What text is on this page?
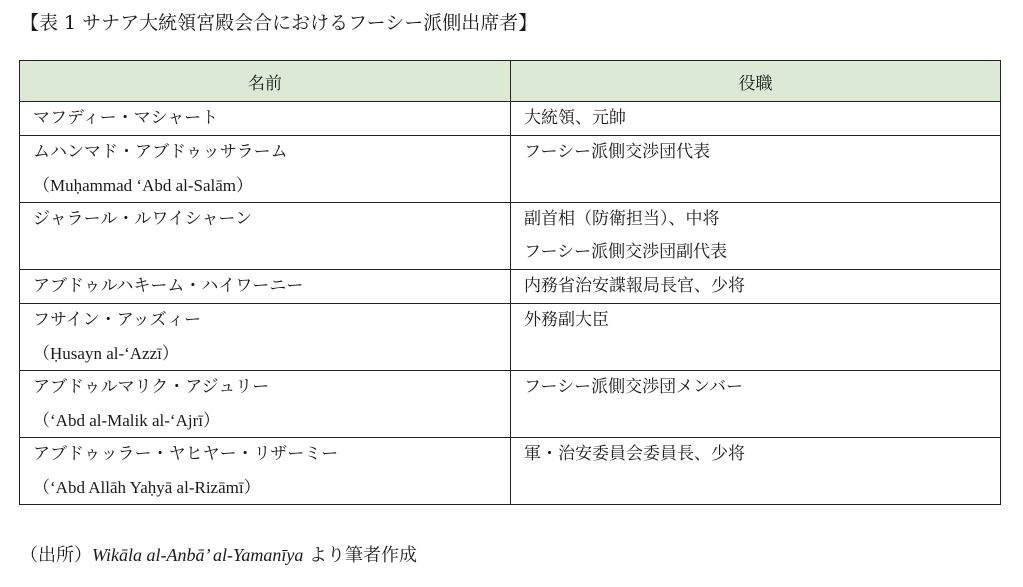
【表 1 サナア大統領宮殿会合におけるフーシー派側出席者】
名前	役職

マフディー・マシャート	大統領、元帥

ムハンマド・アブドゥッサラーム
（Muḥammad ‘Abd al-Salām）	フーシー派側交渉団代表

ジャラール・ルワイシャーン	副首相（防衛担当）、中将
フーシー派側交渉団副代表

アブドゥルハキーム・ハイワーニー	内務省治安諜報局長官、少将

フサイン・アッズィー
（Ḥusayn al-‘Azzī）	外務副大臣

アブドゥルマリク・アジュリー
（‘Abd al-Malik al-‘Ajrī）	フーシー派側交渉団メンバー

アブドゥッラー・ヤヒヤー・リザーミー
（‘Abd Allāh Yaḥyā al-Rizāmī）	軍・治安委員会委員長、少将
（出所）Wikāla al-Anbā’ al-Yamanīya より筆者作成
